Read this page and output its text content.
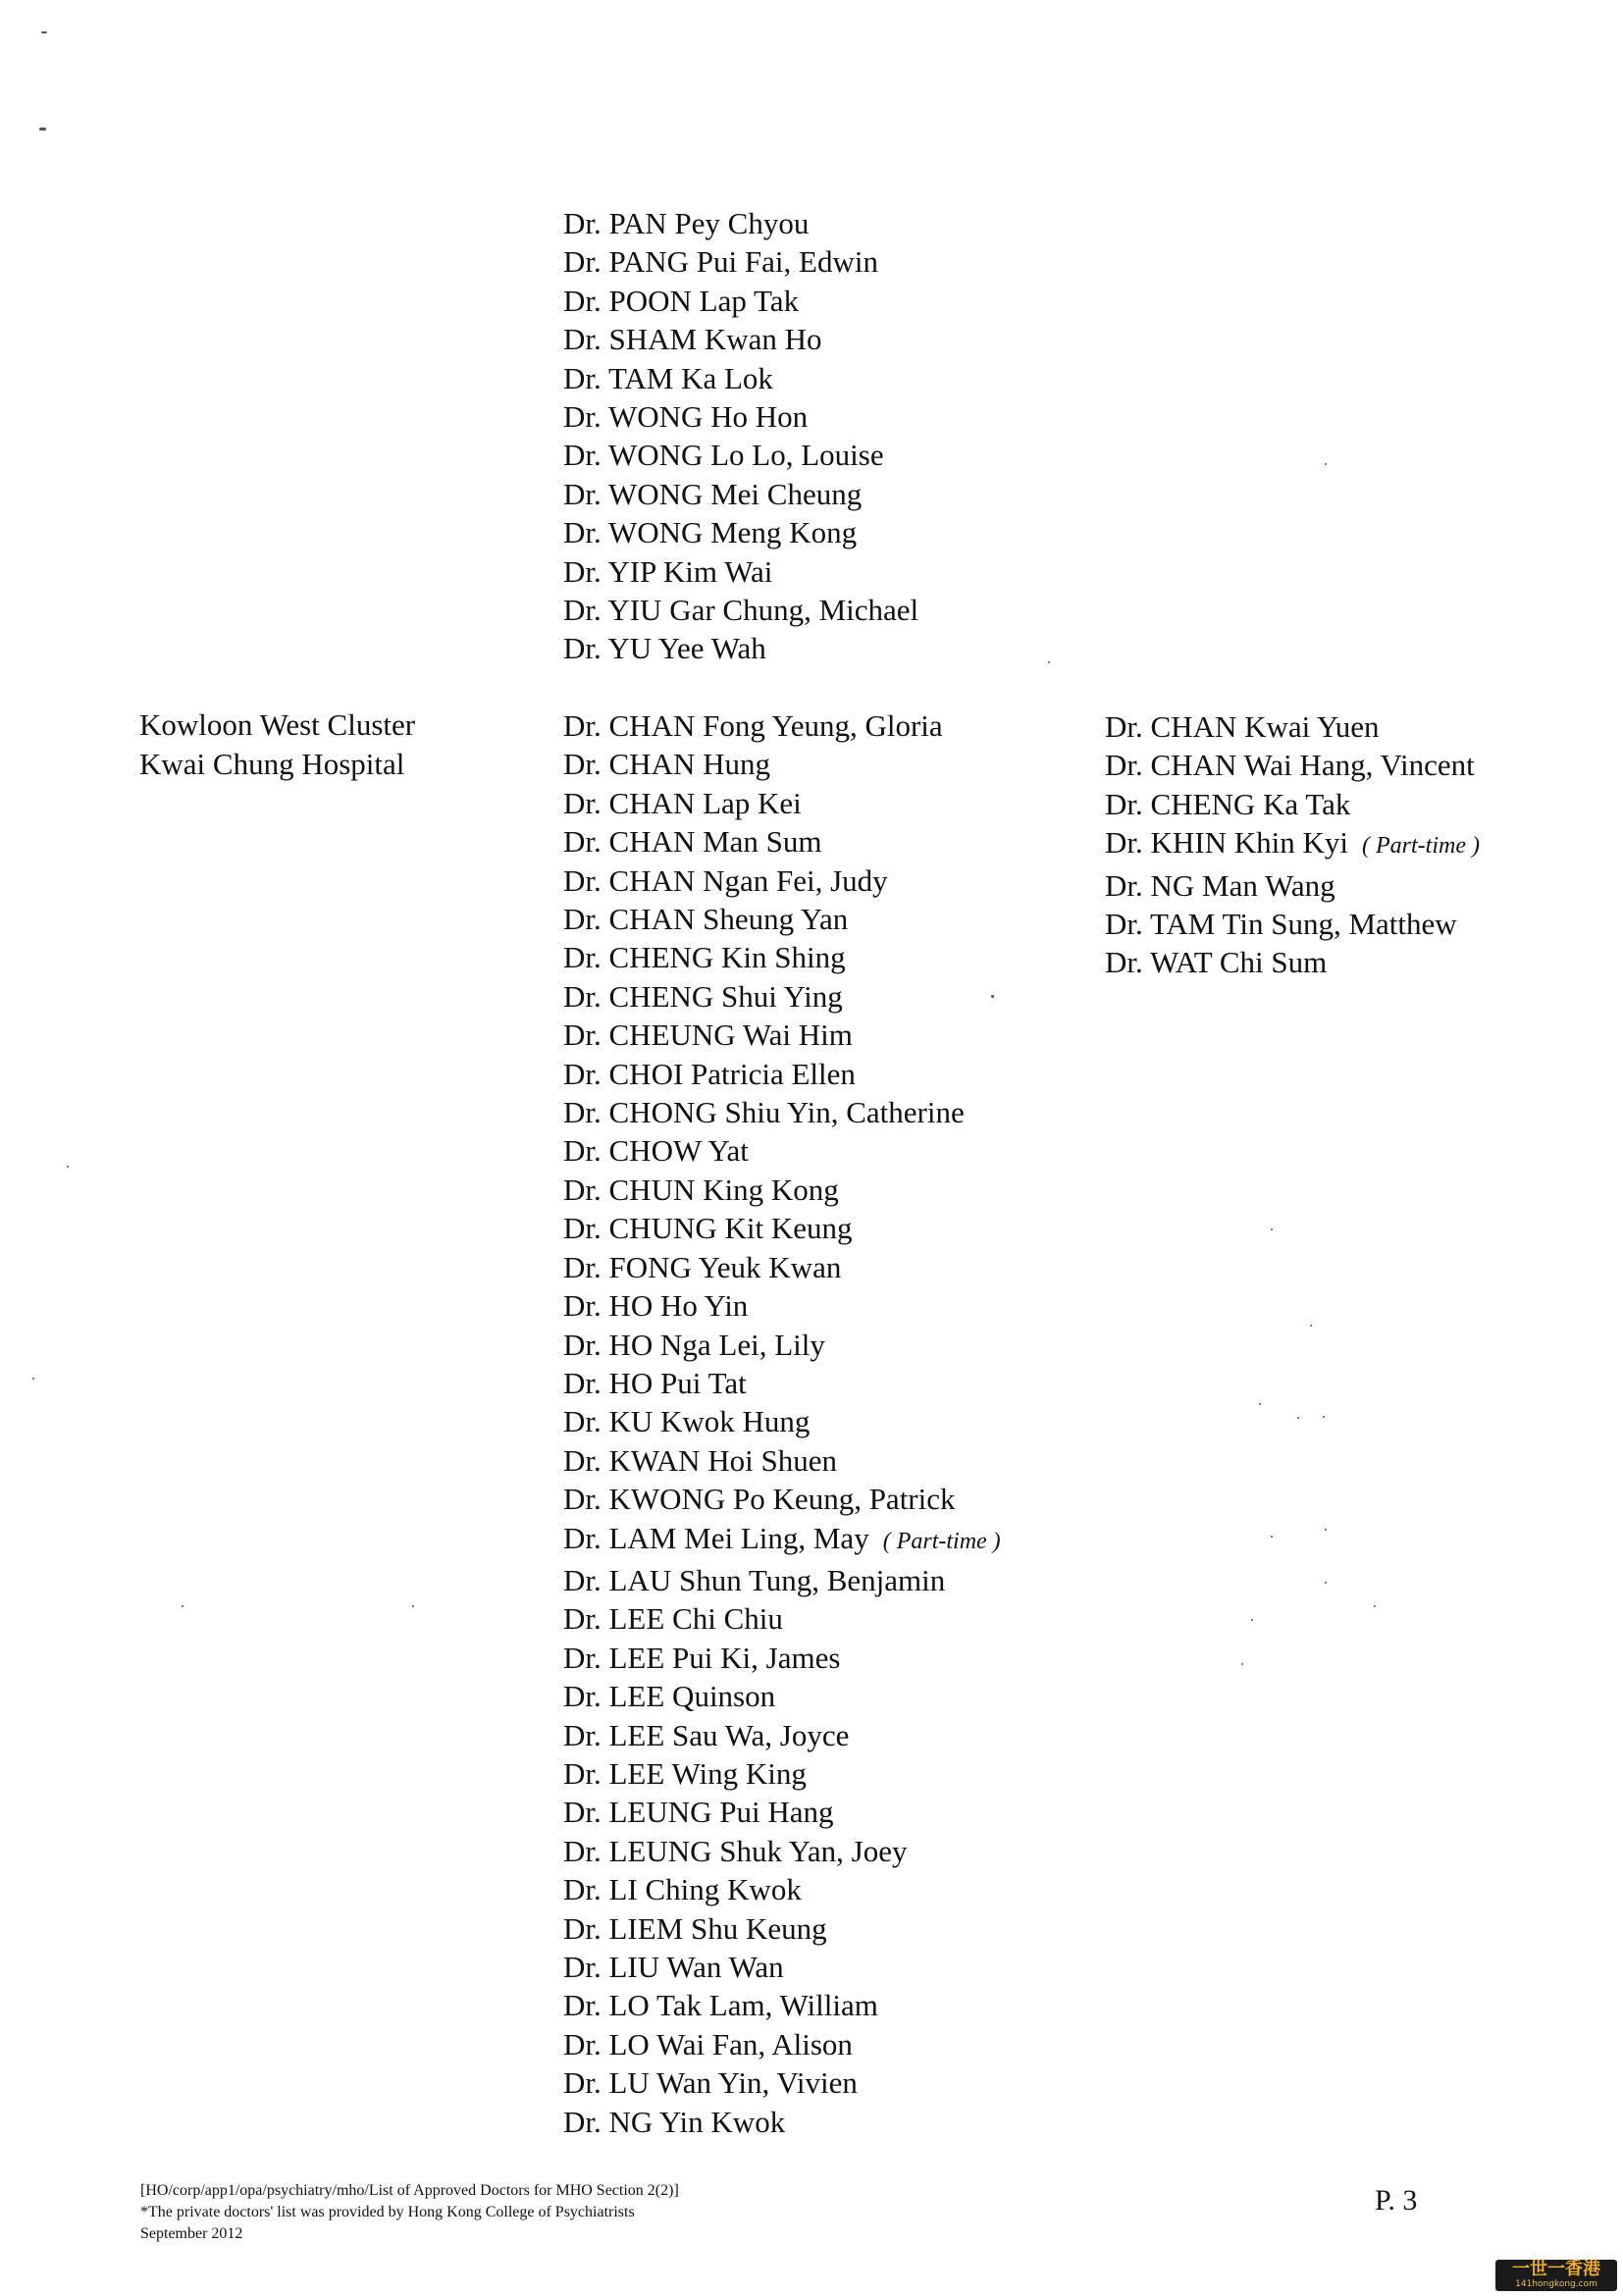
Dr. PAN Pey Chyou
Dr. PANG Pui Fai, Edwin
Dr. POON Lap Tak
Dr. SHAM Kwan Ho
Dr. TAM Ka Lok
Dr. WONG Ho Hon
Dr. WONG Lo Lo, Louise
Dr. WONG Mei Cheung
Dr. WONG Meng Kong
Dr. YIP Kim Wai
Dr. YIU Gar Chung, Michael
Dr. YU Yee Wah
Kowloon West Cluster
Kwai Chung Hospital
Dr. CHAN Fong Yeung, Gloria
Dr. CHAN Hung
Dr. CHAN Lap Kei
Dr. CHAN Man Sum
Dr. CHAN Ngan Fei, Judy
Dr. CHAN Sheung Yan
Dr. CHENG Kin Shing
Dr. CHENG Shui Ying
Dr. CHEUNG Wai Him
Dr. CHOI Patricia Ellen
Dr. CHONG Shiu Yin, Catherine
Dr. CHOW Yat
Dr. CHUN King Kong
Dr. CHUNG Kit Keung
Dr. FONG Yeuk Kwan
Dr. HO Ho Yin
Dr. HO Nga Lei, Lily
Dr. HO Pui Tat
Dr. KU Kwok Hung
Dr. KWAN Hoi Shuen
Dr. KWONG Po Keung, Patrick
Dr. LAM Mei Ling, May ( Part-time )
Dr. LAU Shun Tung, Benjamin
Dr. LEE Chi Chiu
Dr. LEE Pui Ki, James
Dr. LEE Quinson
Dr. LEE Sau Wa, Joyce
Dr. LEE Wing King
Dr. LEUNG Pui Hang
Dr. LEUNG Shuk Yan, Joey
Dr. LI Ching Kwok
Dr. LIEM Shu Keung
Dr. LIU Wan Wan
Dr. LO Tak Lam, William
Dr. LO Wai Fan, Alison
Dr. LU Wan Yin, Vivien
Dr. NG Yin Kwok
Dr. CHAN Kwai Yuen
Dr. CHAN Wai Hang, Vincent
Dr. CHENG Ka Tak
Dr. KHIN Khin Kyi ( Part-time )
Dr. NG Man Wang
Dr. TAM Tin Sung, Matthew
Dr. WAT Chi Sum
[HO/corp/app1/opa/psychiatry/mho/List of Approved Doctors for MHO Section 2(2)]
*The private doctors' list was provided by Hong Kong College of Psychiatrists
September 2012
P. 3
一世一香港
141hongkong.com
